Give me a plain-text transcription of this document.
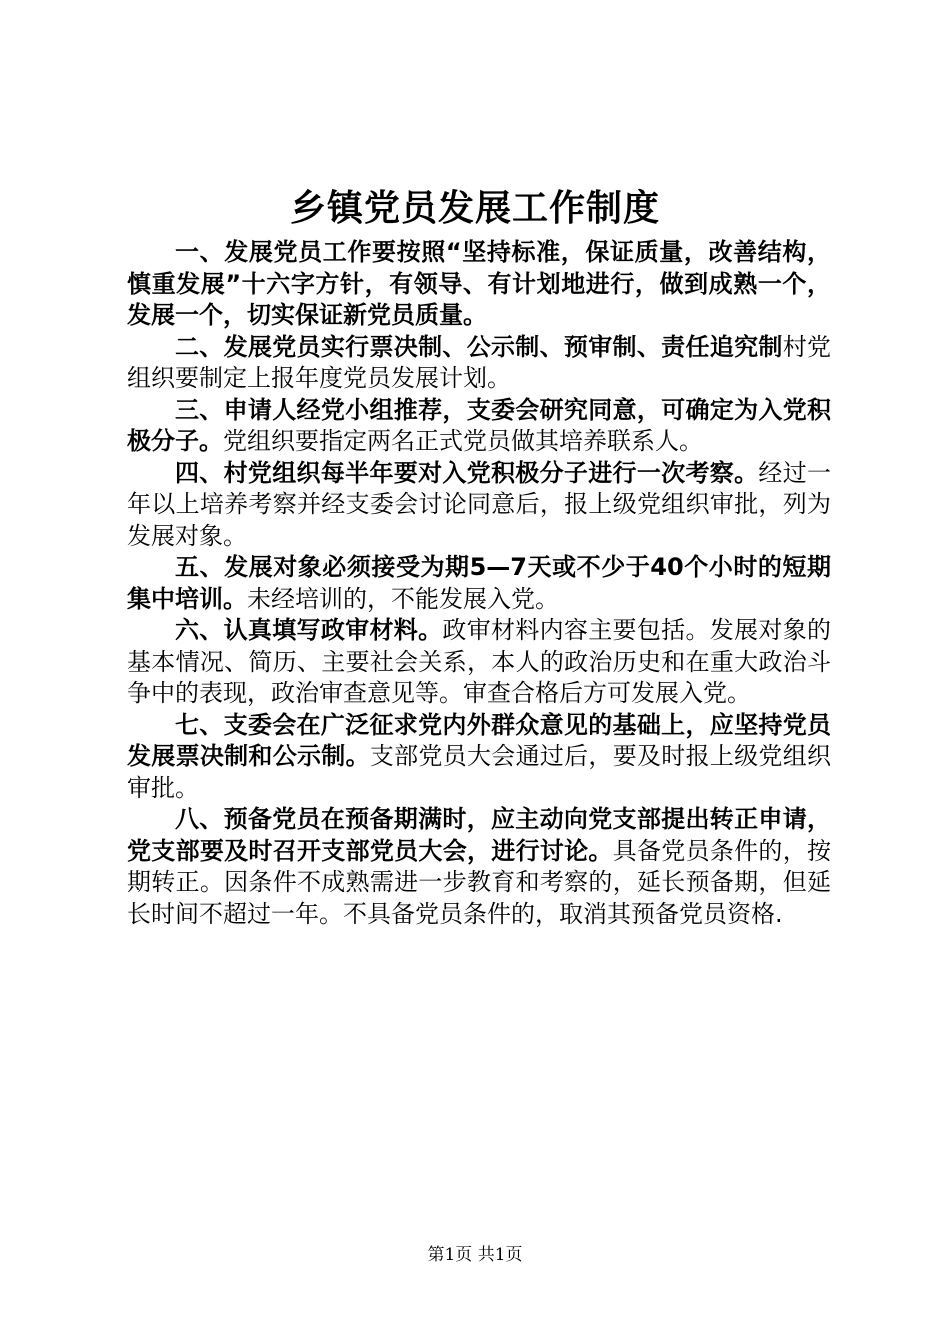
乡镇党员发展工作制度

一、发展党员工作要按照“坚持标准，保证质量，改善结构，慎重发展”十六字方针，有领导、有计划地进行，做到成熟一个，发展一个，切实保证新党员质量。

二、发展党员实行票决制、公示制、预审制、责任追究制村党组织要制定上报年度党员发展计划。

三、申请人经党小组推荐，支委会研究同意，可确定为入党积极分子。党组织要指定两名正式党员做其培养联系人。

四、村党组织每半年要对入党积极分子进行一次考察。经过一年以上培养考察并经支委会讨论同意后，报上级党组织审批，列为发展对象。

五、发展对象必须接受为期5—7天或不少于40个小时的短期集中培训。未经培训的，不能发展入党。

六、认真填写政审材料。政审材料内容主要包括。发展对象的基本情况、简历、主要社会关系，本人的政治历史和在重大政治斗争中的表现，政治审查意见等。审查合格后方可发展入党。

七、支委会在广泛征求党内外群众意见的基础上，应坚持党员发展票决制和公示制。支部党员大会通过后，要及时报上级党组织审批。

八、预备党员在预备期满时，应主动向党支部提出转正申请，党支部要及时召开支部党员大会，进行讨论。具备党员条件的，按期转正。因条件不成熟需进一步教育和考察的，延长预备期，但延长时间不超过一年。不具备党员条件的，取消其预备党员资格.

第1页 共1页
